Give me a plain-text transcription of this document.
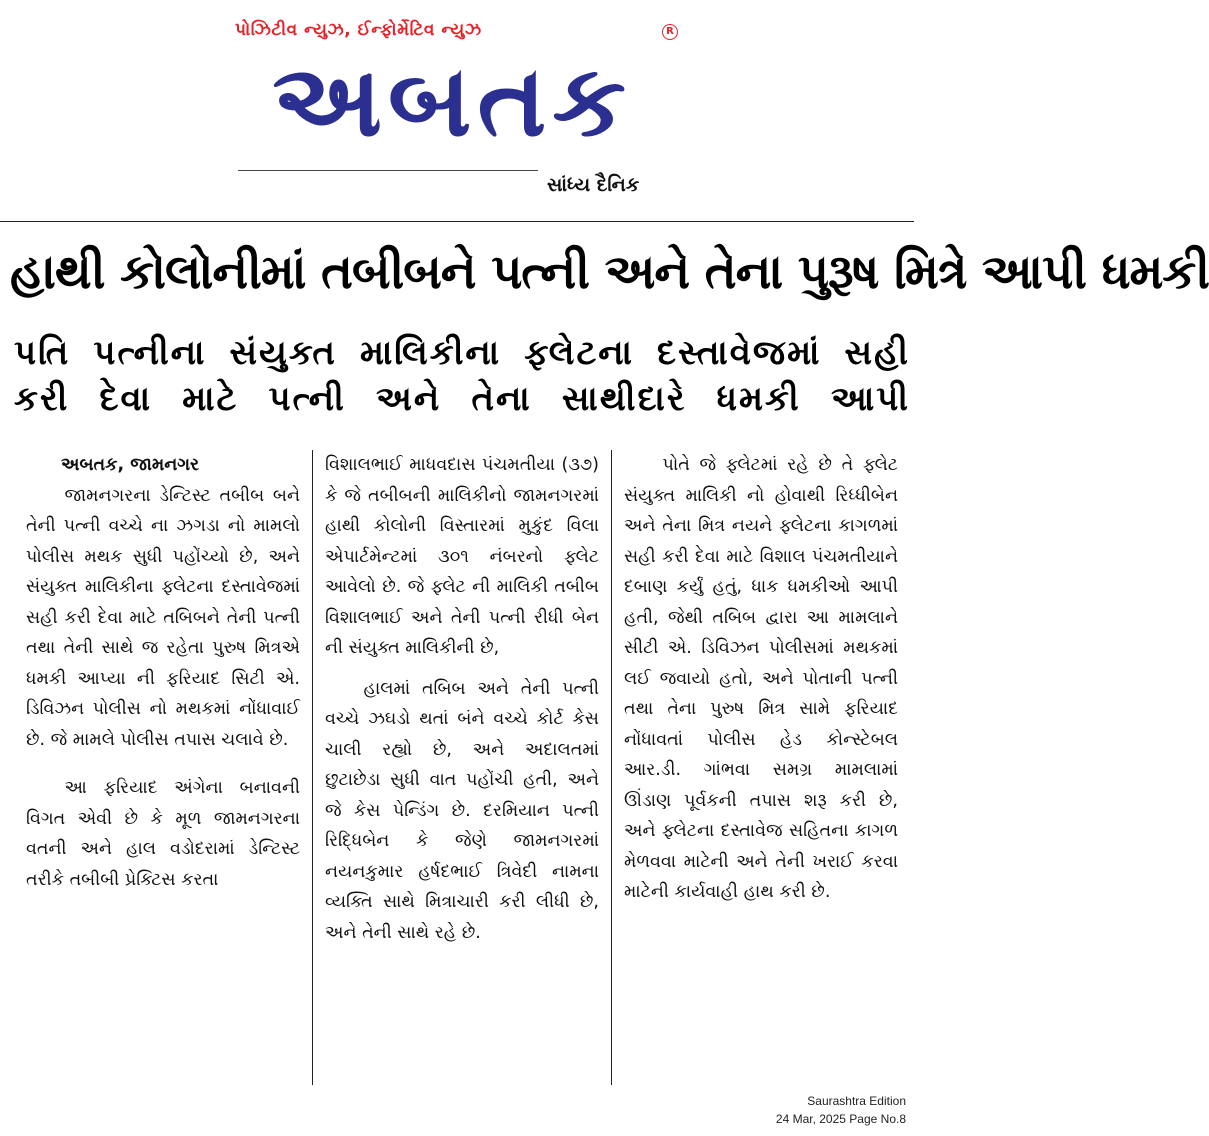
પોઝિટીવ ન્યુઝ, ઈન્ફોર્મેટિવ ન્યુઝ
અબતક
R
સાંધ્ય દૈનિક
હાથી કોલોનીમાં તબીબને પત્ની અને તેના પુરૂષ મિત્રે આપી ધમકી
પતિ પત્નીના સંયુક્ત માલિકીના ફ્લેટના દસ્તાવેજમાં સહી
કરી દેવા માટે પત્ની અને તેના સાથીદારે ધમકી આપી
અબતક, જામનગર

જામનગરના ડેન્ટિસ્ટ તબીબ બને તેની પત્ની વચ્ચે ના ઝગડા નો મામલો પોલીસ મથક સુધી પહોંચ્યો છે, અને સંયુક્ત માલિકીના ફ્લેટના દસ્તાવેજમાં સહી કરી દેવા માટે તબિબને તેની પત્ની તથા તેની સાથે જ રહેતા પુરુષ મિત્રએ ધમકી આપ્યા ની ફરિયાદ સિટી એ. ડિવિઝન પોલીસ નો મથકમાં નોંધાવાઈ છે. જે મામલે પોલીસ તપાસ ચલાવે છે.

આ ફરિયાદ અંગેના બનાવની વિગત એવી છે કે મૂળ જામનગરના વતની અને હાલ વડોદરામાં ડેન્ટિસ્ટ તરીકે તબીબી પ્રેક્ટિસ કરતા

વિશાલભાઈ માધવદાસ પંચમતીયા (૩૭) કે જે તબીબની માલિકીનો જામનગરમાં હાથી કોલોની વિસ્તારમાં મુકુંદ વિલા એપાર્ટમેન્ટમાં ૩૦૧ નંબરનો ફ્લેટ આવેલો છે. જે ફ્લેટ ની માલિકી તબીબ વિશાલભાઈ અને તેની પત્ની રીધી બેન ની સંયુક્ત માલિકીની છે,

હાલમાં તબિબ અને તેની પત્ની વચ્ચે ઝઘડો થતાં બંને વચ્ચે કોર્ટ કેસ ચાલી રહ્યો છે, અને અદાલતમાં છુટાછેડા સુધી વાત પહોંચી હતી, અને જે કેસ પેન્ડિંગ છે. દરમિયાન પત્ની રિદ્ધિબેન કે જેણે જામનગરમાં નયનકુમાર હર્ષદભાઈ ત્રિવેદી નામના વ્યક્તિ સાથે મિત્રાચારી કરી લીધી છે, અને તેની સાથે રહે છે.

પોતે જે ફ્લેટમાં રહે છે તે ફ્લેટ સંયુક્ત માલિકી નો હોવાથી રિધ્ધીબેન અને તેના મિત્ર નયને ફ્લેટના કાગળમાં સહી કરી દેવા માટે વિશાલ પંચમતીયાને દબાણ કર્યું હતું, ધાક ધમકીઓ આપી હતી, જેથી તબિબ દ્વારા આ મામલાને સીટી એ. ડિવિઝન પોલીસમાં મથકમાં લઈ જવાયો હતો, અને પોતાની પત્ની તથા તેના પુરુષ મિત્ર સામે ફરિયાદ નોંધાવતાં પોલીસ હેડ કોન્સ્ટેબલ આર.ડી. ગાંભવા સમગ્ર મામલામાં ઊંડાણ પૂર્વકની તપાસ શરૂ કરી છે, અને ફ્લેટના દસ્તાવેજ સહિતના કાગળ મેળવવા માટેની અને તેની ખરાઈ કરવા માટેની કાર્યવાહી હાથ કરી છે.

Saurashtra Edition
24 Mar, 2025 Page No.8
